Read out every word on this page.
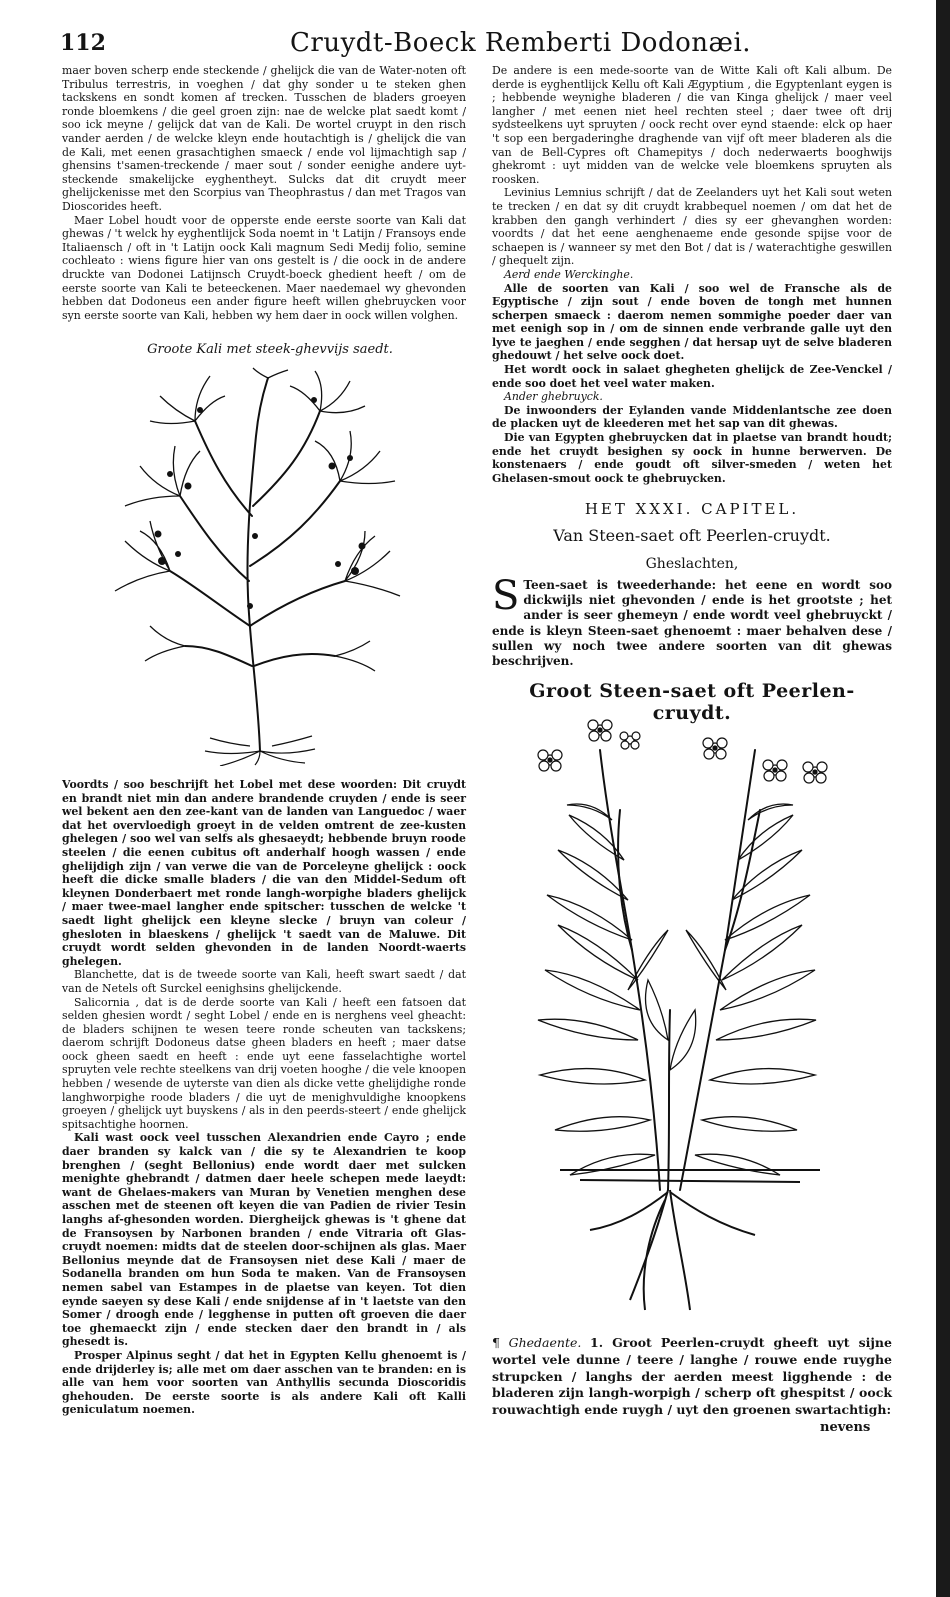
112	Cruydt-Boeck Remberti Dodonæi.

maer boven scherp ende steckende / ghelijck die van de Water-noten oft Tribulus terrestris, in voeghen / dat ghy sonder u te steken ghen tackskens en sondt komen af trecken. Tusschen de bladers groeyen ronde bloemkens / die geel groen zijn: nae de welcke plat saedt komt / soo ick meyne / gelijck dat van de Kali. De wortel cruypt in den risch vander aerden / de welcke kleyn ende houtachtigh is / ghelijck die van de Kali, met eenen grasachtighen smaeck / ende vol lijmachtigh sap / ghensins t'samen-treckende / maer sout / sonder eenighe andere uyt-steckende smakelijcke eyghentheyt. Sulcks dat dit cruydt meer ghelijckenisse met den Scorpius van Theophrastus / dan met Tragos van Dioscorides heeft.

Maer Lobel houdt voor de opperste ende eerste soorte van Kali dat ghewas / 't welck hy eyghentlijck Soda noemt in 't Latijn / Fransoys ende Italiaensch / oft in 't Latijn oock Kali magnum Sedi Medij folio, semine cochleato : wiens figure hier van ons gestelt is / die oock in de andere druckte van Dodonei Latijnsch Cruydt-boeck ghedient heeft / om de eerste soorte van Kali te beteeckenen. Maer naedemael wy ghevonden hebben dat Dodoneus een ander figure heeft willen ghebruycken voor syn eerste soorte van Kali, hebben wy hem daer in oock willen volghen.

Groote Kali met steek-ghevvijs saedt.

Voordts / soo beschrijft het Lobel met dese woorden: Dit cruydt en brandt niet min dan andere brandende cruyden / ende is seer wel bekent aen den zee-kant van de landen van Languedoc / waer dat het overvloedigh groeyt in de velden omtrent de zee-kusten ghelegen / soo wel van selfs als ghesaeydt; hebbende bruyn roode steelen / die eenen cubitus oft anderhalf hoogh wassen / ende ghelijdigh zijn / van verwe die van de Porceleyne ghelijck : oock heeft die dicke smalle bladers / die van den Middel-Sedum oft kleynen Donderbaert met ronde langh-worpighe bladers ghelijck / maer twee-mael langher ende spitscher: tusschen de welcke 't saedt light ghelijck een kleyne slecke / bruyn van coleur / ghesloten in blaeskens / ghelijck 't saedt van de Maluwe. Dit cruydt wordt selden ghevonden in de landen Noordt-waerts ghelegen.

Blanchette, dat is de tweede soorte van Kali, heeft swart saedt / dat van de Netels oft Surckel eenighsins ghelijckende.

Salicornia , dat is de derde soorte van Kali / heeft een fatsoen dat selden ghesien wordt / seght Lobel / ende en is nerghens veel gheacht: de bladers schijnen te wesen teere ronde scheuten van tackskens; daerom schrijft Dodoneus datse gheen bladers en heeft ; maer datse oock gheen saedt en heeft : ende uyt eene fasselachtighe wortel spruyten vele rechte steelkens van drij voeten hooghe / die vele knoopen hebben / wesende de uyterste van dien als dicke vette ghelijdighe ronde langhworpighe roode bladers / die uyt de menighvuldighe knoopkens groeyen / ghelijck uyt buyskens / als in den peerds-steert / ende ghelijck spitsachtighe hoornen.

Kali wast oock veel tusschen Alexandrien ende Cayro ; ende daer branden sy kalck van / die sy te Alexandrien te koop brenghen / (seght Bellonius) ende wordt daer met sulcken menighte ghebrandt / datmen daer heele schepen mede laeydt: want de Ghelaes-makers van Muran by Venetien menghen dese asschen met de steenen oft keyen die van Padien de rivier Tesin langhs af-ghesonden worden. Diergheijck ghewas is 't ghene dat de Fransoysen by Narbonen branden / ende Vitraria oft Glas-cruydt noemen: midts dat de steelen door-schijnen als glas. Maer Bellonius meynde dat de Fransoysen niet dese Kali / maer de Sodanella branden om hun Soda te maken. Van de Fransoysen nemen sabel van Estampes in de plaetse van keyen. Tot dien eynde saeyen sy dese Kali / ende snijdense af in 't laetste van den Somer / droogh ende / legghense in putten oft groeven die daer toe ghemaeckt zijn / ende stecken daer den brandt in / als ghesedt is.

Prosper Alpinus seght / dat het in Egypten Kellu ghenoemt is / ende drijderley is; alle met om daer asschen van te branden: en is alle van hem voor soorten van Anthyllis secunda Dioscoridis ghehouden. De eerste soorte is als andere Kali oft Kalli geniculatum noemen.

De andere is een mede-soorte van de Witte Kali oft Kali album. De derde is eyghentlijck Kellu oft Kali Ægyptium , die Egyptenlant eygen is ; hebbende weynighe bladeren / die van Kinga ghelijck / maer veel langher / met eenen niet heel rechten steel ; daer twee oft drij sydsteelkens uyt spruyten / oock recht over eynd staende: elck op haer 't sop een bergaderinghe draghende van vijf oft meer bladeren als die van de Bell-Cypres oft Chamepitys / doch nederwaerts booghwijs ghekromt : uyt midden van de welcke vele bloemkens spruyten als roosken.

Levinius Lemnius schrijft / dat de Zeelanders uyt het Kali sout weten te trecken / en dat sy dit cruydt krabbequel noemen / om dat het de krabben den gangh verhindert / dies sy eer ghevanghen worden: voordts / dat het eene aenghenaeme ende gesonde spijse voor de schaepen is / wanneer sy met den Bot / dat is / waterachtighe geswillen / ghequelt zijn.

Aerd ende Werckinghe.

Alle de soorten van Kali / soo wel de Fransche als de Egyptische / zijn sout / ende boven de tongh met hunnen scherpen smaeck : daerom nemen sommighe poeder daer van met eenigh sop in / om de sinnen ende verbrande galle uyt den lyve te jaeghen / ende segghen / dat hersap uyt de selve bladeren ghedouwt / het selve oock doet.

Het wordt oock in salaet ghegheten ghelijck de Zee-Venckel / ende soo doet het veel water maken.

Ander ghebruyck.

De inwoonders der Eylanden vande Middenlantsche zee doen de placken uyt de kleederen met het sap van dit ghewas.

Die van Egypten ghebruycken dat in plaetse van brandt houdt; ende het cruydt besighen sy oock in hunne berwerven. De konstenaers / ende goudt oft silver-smeden / weten het Ghelasen-smout oock te ghebruycken.

HET XXXI. CAPITEL.
Van Steen-saet oft Peerlen-cruydt.
Gheslachten,
S Teen-saet is tweederhande: het eene en wordt soo dickwijls niet ghevonden / ende is het grootste ; het ander is seer ghemeyn / ende wordt veel ghebruyckt / ende is kleyn Steen-saet ghenoemt : maer behalven dese / sullen wy noch twee andere soorten van dit ghewas beschrijven.
Groot Steen-saet oft Peerlen-cruydt.
¶ Ghedaente. 1. Groot Peerlen-cruydt gheeft uyt sijne wortel vele dunne / teere / langhe / rouwe ende ruyghe strupcken / langhs der aerden meest ligghende : de bladeren zijn langh-worpigh / scherp oft ghespitst / oock rouwachtigh ende ruygh / uyt den groenen swartachtigh:
nevens
